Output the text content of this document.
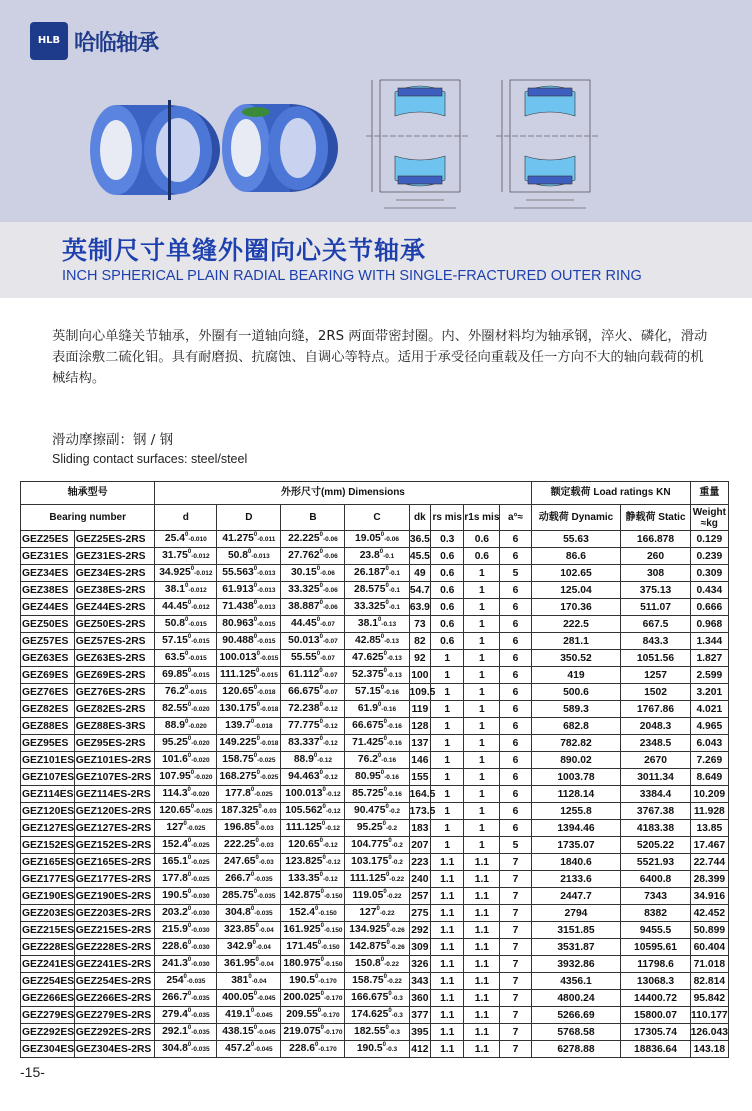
HLB 哈临轴承
英制尺寸单缝外圈向心关节轴承
INCH SPHERICAL PLAIN RADIAL BEARING WITH SINGLE-FRACTURED OUTER RING
英制向心单缝关节轴承，外圈有一道轴向缝，2RS 两面带密封圈。内、外圈材料均为轴承钢，淬火、磷化，滑动表面涂敷二硫化钼。具有耐磨损、抗腐蚀、自调心等特点。适用于承受径向重载及任一方向不大的轴向载荷的机械结构。
滑动摩擦副：钢 / 钢
Sliding contact surfaces: steel/steel
轴承型号		外形尺寸(mm) Dimensions								额定载荷 Load ratings KN		重量
Bearing number		d	D	B	C	dk	rs mis	r1s mis	a°≈	动载荷 Dynamic	静载荷 Static	Weight ≈kg
GEZ25ES	GEZ25ES-2RS	25.4$^0$-0.010	41.275$^0$-0.011	22.225$^0$-0.06	19.05$^0$-0.06	36.5	0.3	0.6	6	55.63	166.878	0.129
GEZ31ES	GEZ31ES-2RS	31.75$^0$-0.012	50.8$^0$-0.013	27.762$^0$-0.06	23.8$^0$-0.1	45.5	0.6	0.6	6	86.6	260	0.239
GEZ34ES	GEZ34ES-2RS	34.925$^0$-0.012	55.563$^0$-0.013	30.15$^0$-0.06	26.187$^0$-0.1	49	0.6	1	5	102.65	308	0.309
GEZ38ES	GEZ38ES-2RS	38.1$^0$-0.012	61.913$^0$-0.013	33.325$^0$-0.06	28.575$^0$-0.1	54.7	0.6	1	6	125.04	375.13	0.434
GEZ44ES	GEZ44ES-2RS	44.45$^0$-0.012	71.438$^0$-0.013	38.887$^0$-0.06	33.325$^0$-0.1	63.9	0.6	1	6	170.36	511.07	0.666
GEZ50ES	GEZ50ES-2RS	50.8$^0$-0.015	80.963$^0$-0.015	44.45$^0$-0.07	38.1$^0$-0.13	73	0.6	1	6	222.5	667.5	0.968
GEZ57ES	GEZ57ES-2RS	57.15$^0$-0.015	90.488$^0$-0.015	50.013$^0$-0.07	42.85$^0$-0.13	82	0.6	1	6	281.1	843.3	1.344
GEZ63ES	GEZ63ES-2RS	63.5$^0$-0.015	100.013$^0$-0.015	55.55$^0$-0.07	47.625$^0$-0.13	92	1	1	6	350.52	1051.56	1.827
GEZ69ES	GEZ69ES-2RS	69.85$^0$-0.015	111.125$^0$-0.015	61.112$^0$-0.07	52.375$^0$-0.13	100	1	1	6	419	1257	2.599
GEZ76ES	GEZ76ES-2RS	76.2$^0$-0.015	120.65$^0$-0.018	66.675$^0$-0.07	57.15$^0$-0.16	109.5	1	1	6	500.6	1502	3.201
GEZ82ES	GEZ82ES-2RS	82.55$^0$-0.020	130.175$^0$-0.018	72.238$^0$-0.12	61.9$^0$-0.16	119	1	1	6	589.3	1767.86	4.021
GEZ88ES	GEZ88ES-3RS	88.9$^0$-0.020	139.7$^0$-0.018	77.775$^0$-0.12	66.675$^0$-0.16	128	1	1	6	682.8	2048.3	4.965
GEZ95ES	GEZ95ES-2RS	95.25$^0$-0.020	149.225$^0$-0.018	83.337$^0$-0.12	71.425$^0$-0.16	137	1	1	6	782.82	2348.5	6.043
GEZ101ES	GEZ101ES-2RS	101.6$^0$-0.020	158.75$^0$-0.025	88.9$^0$-0.12	76.2$^0$-0.16	146	1	1	6	890.02	2670	7.269
GEZ107ES	GEZ107ES-2RS	107.95$^0$-0.020	168.275$^0$-0.025	94.463$^0$-0.12	80.95$^0$-0.16	155	1	1	6	1003.78	3011.34	8.649
GEZ114ES	GEZ114ES-2RS	114.3$^0$-0.020	177.8$^0$-0.025	100.013$^0$-0.12	85.725$^0$-0.16	164.5	1	1	6	1128.14	3384.4	10.209
GEZ120ES	GEZ120ES-2RS	120.65$^0$-0.025	187.325$^0$-0.03	105.562$^0$-0.12	90.475$^0$-0.2	173.5	1	1	6	1255.8	3767.38	11.928
GEZ127ES	GEZ127ES-2RS	$127^0-0.025$	196.85$^0$-0.03	111.125$^0$-0.12	95.25$^0$-0.2	183	1	1	6	1394.46	4183.38	13.85
GEZ152ES	GEZ152ES-2RS	152.4$^0$-0.025	222.25$^0$-0.03	120.65$^0$-0.12	104.775$^0$-0.2	207	1	1	5	1735.07	5205.22	17.467
GEZ165ES	GEZ165ES-2RS	165.1$^0$-0.025	247.65$^0$-0.03	123.825$^0$-0.12	103.175$^0$-0.2	223	1.1	1.1	7	1840.6	5521.93	22.744
GEZ177ES	GEZ177ES-2RS	177.8$^0$-0.025	266.7$^0$-0.035	133.35$^0$-0.12	111.125$^0$-0.22	240	1.1	1.1	7	2133.6	6400.8	28.399
GEZ190ES	GEZ190ES-2RS	190.5$^0$-0.030	285.75$^0$-0.035	142.875$^0$-0.150	119.05$^0$-0.22	257	1.1	1.1	7	2447.7	7343	34.916
GEZ203ES	GEZ203ES-2RS	203.2$^0$-0.030	304.8$^0$-0.035	152.4$^0$-0.150	$127^0-0.22$	275	1.1	1.1	7	2794	8382	42.452
GEZ215ES	GEZ215ES-2RS	215.9$^0$-0.030	323.85$^0$-0.04	161.925$^0$-0.150	134.925$^0$-0.26	292	1.1	1.1	7	3151.85	9455.5	50.899
GEZ228ES	GEZ228ES-2RS	228.6$^0$-0.030	342.9$^0$-0.04	171.45$^0$-0.150	142.875$^0$-0.26	309	1.1	1.1	7	3531.87	10595.61	60.404
GEZ241ES	GEZ241ES-2RS	241.3$^0$-0.030	361.95$^0$-0.04	180.975$^0$-0.150	150.8$^0$-0.22	326	1.1	1.1	7	3932.86	11798.6	71.018
GEZ254ES	GEZ254ES-2RS	$254^0-0.035$	$381^0-0.04$	190.5$^0$-0.170	158.75$^0$-0.22	343	1.1	1.1	7	4356.1	13068.3	82.814
GEZ266ES	GEZ266ES-2RS	266.7$^0$-0.035	400.05$^0$-0.045	200.025$^0$-0.170	166.675$^0$-0.3	360	1.1	1.1	7	4800.24	14400.72	95.842
GEZ279ES	GEZ279ES-2RS	279.4$^0$-0.035	419.1$^0$-0.045	209.55$^0$-0.170	174.625$^0$-0.3	377	1.1	1.1	7	5266.69	15800.07	110.177
GEZ292ES	GEZ292ES-2RS	292.1$^0$-0.035	438.15$^0$-0.045	219.075$^0$-0.170	182.55$^0$-0.3	395	1.1	1.1	7	5768.58	17305.74	126.043
GEZ304ES	GEZ304ES-2RS	304.8$^0$-0.035	457.2$^0$-0.045	228.6$^0$-0.170	190.5$^0$-0.3	412	1.1	1.1	7	6278.88	18836.64	143.18
-15-
